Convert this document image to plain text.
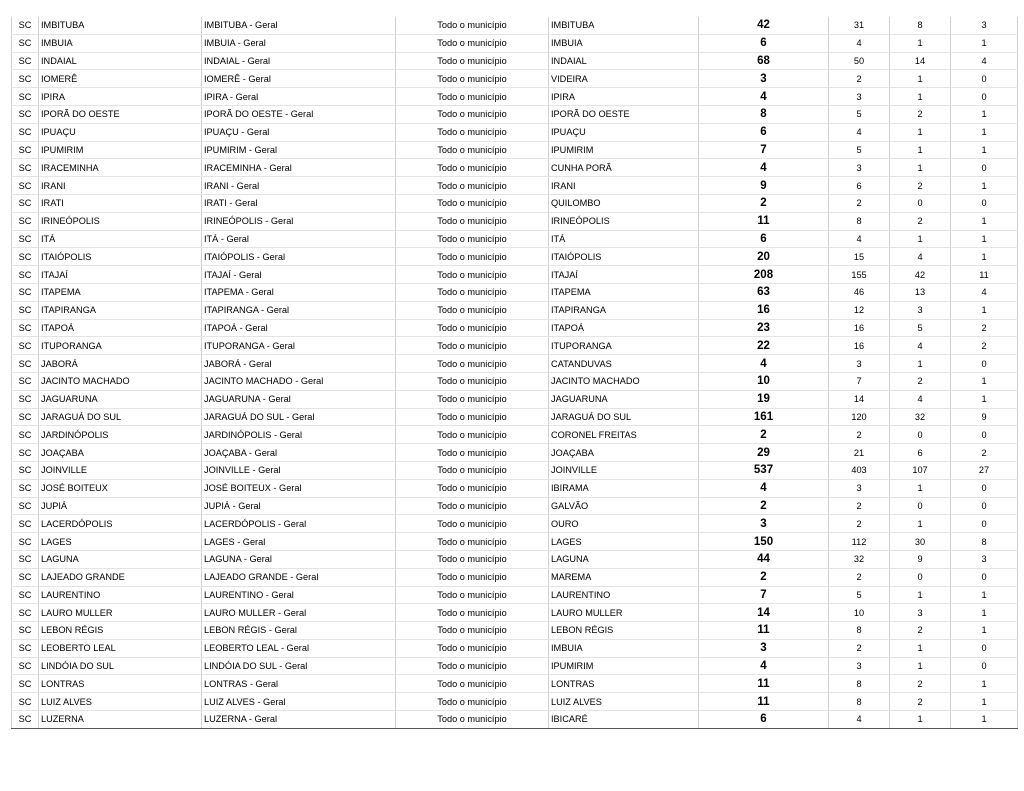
SC	IMBITUBA	IMBITUBA - Geral	Todo o município	IMBITUBA	42	31	8	3
SC	IMBUIA	IMBUIA - Geral	Todo o município	IMBUIA	6	4	1	1
SC	INDAIAL	INDAIAL - Geral	Todo o município	INDAIAL	68	50	14	4
SC	IOMERÊ	IOMERÊ - Geral	Todo o município	VIDEIRA	3	2	1	0
SC	IPIRA	IPIRA - Geral	Todo o município	IPIRA	4	3	1	0
SC	IPORÃ DO OESTE	IPORÃ DO OESTE - Geral	Todo o município	IPORÃ DO OESTE	8	5	2	1
SC	IPUAÇU	IPUAÇU - Geral	Todo o município	IPUAÇU	6	4	1	1
SC	IPUMIRIM	IPUMIRIM - Geral	Todo o município	IPUMIRIM	7	5	1	1
SC	IRACEMINHA	IRACEMINHA - Geral	Todo o município	CUNHA PORÃ	4	3	1	0
SC	IRANI	IRANI - Geral	Todo o município	IRANI	9	6	2	1
SC	IRATI	IRATI - Geral	Todo o município	QUILOMBO	2	2	0	0
SC	IRINEÓPOLIS	IRINEÓPOLIS - Geral	Todo o município	IRINEÓPOLIS	11	8	2	1
SC	ITÁ	ITÁ - Geral	Todo o município	ITÁ	6	4	1	1
SC	ITAIÓPOLIS	ITAIÓPOLIS - Geral	Todo o município	ITAIÓPOLIS	20	15	4	1
SC	ITAJAÍ	ITAJAÍ - Geral	Todo o município	ITAJAÍ	208	155	42	11
SC	ITAPEMA	ITAPEMA - Geral	Todo o município	ITAPEMA	63	46	13	4
SC	ITAPIRANGA	ITAPIRANGA - Geral	Todo o município	ITAPIRANGA	16	12	3	1
SC	ITAPOÁ	ITAPOÁ - Geral	Todo o município	ITAPOÁ	23	16	5	2
SC	ITUPORANGA	ITUPORANGA - Geral	Todo o município	ITUPORANGA	22	16	4	2
SC	JABORÁ	JABORÁ - Geral	Todo o município	CATANDUVAS	4	3	1	0
SC	JACINTO MACHADO	JACINTO MACHADO - Geral	Todo o município	JACINTO MACHADO	10	7	2	1
SC	JAGUARUNA	JAGUARUNA - Geral	Todo o município	JAGUARUNA	19	14	4	1
SC	JARAGUÁ DO SUL	JARAGUÁ DO SUL - Geral	Todo o município	JARAGUÁ DO SUL	161	120	32	9
SC	JARDINÓPOLIS	JARDINÓPOLIS - Geral	Todo o município	CORONEL FREITAS	2	2	0	0
SC	JOAÇABA	JOAÇABA - Geral	Todo o município	JOAÇABA	29	21	6	2
SC	JOINVILLE	JOINVILLE - Geral	Todo o município	JOINVILLE	537	403	107	27
SC	JOSÉ BOITEUX	JOSÉ BOITEUX - Geral	Todo o município	IBIRAMA	4	3	1	0
SC	JUPIÁ	JUPIÁ - Geral	Todo o município	GALVÃO	2	2	0	0
SC	LACERDÓPOLIS	LACERDÓPOLIS - Geral	Todo o município	OURO	3	2	1	0
SC	LAGES	LAGES - Geral	Todo o município	LAGES	150	112	30	8
SC	LAGUNA	LAGUNA - Geral	Todo o município	LAGUNA	44	32	9	3
SC	LAJEADO GRANDE	LAJEADO GRANDE - Geral	Todo o município	MAREMA	2	2	0	0
SC	LAURENTINO	LAURENTINO - Geral	Todo o município	LAURENTINO	7	5	1	1
SC	LAURO MULLER	LAURO MULLER - Geral	Todo o município	LAURO MULLER	14	10	3	1
SC	LEBON RÉGIS	LEBON RÉGIS - Geral	Todo o município	LEBON RÉGIS	11	8	2	1
SC	LEOBERTO LEAL	LEOBERTO LEAL - Geral	Todo o município	IMBUIA	3	2	1	0
SC	LINDÓIA DO SUL	LINDÓIA DO SUL - Geral	Todo o município	IPUMIRIM	4	3	1	0
SC	LONTRAS	LONTRAS - Geral	Todo o município	LONTRAS	11	8	2	1
SC	LUIZ ALVES	LUIZ ALVES - Geral	Todo o município	LUIZ ALVES	11	8	2	1
SC	LUZERNA	LUZERNA - Geral	Todo o município	IBICARÉ	6	4	1	1
